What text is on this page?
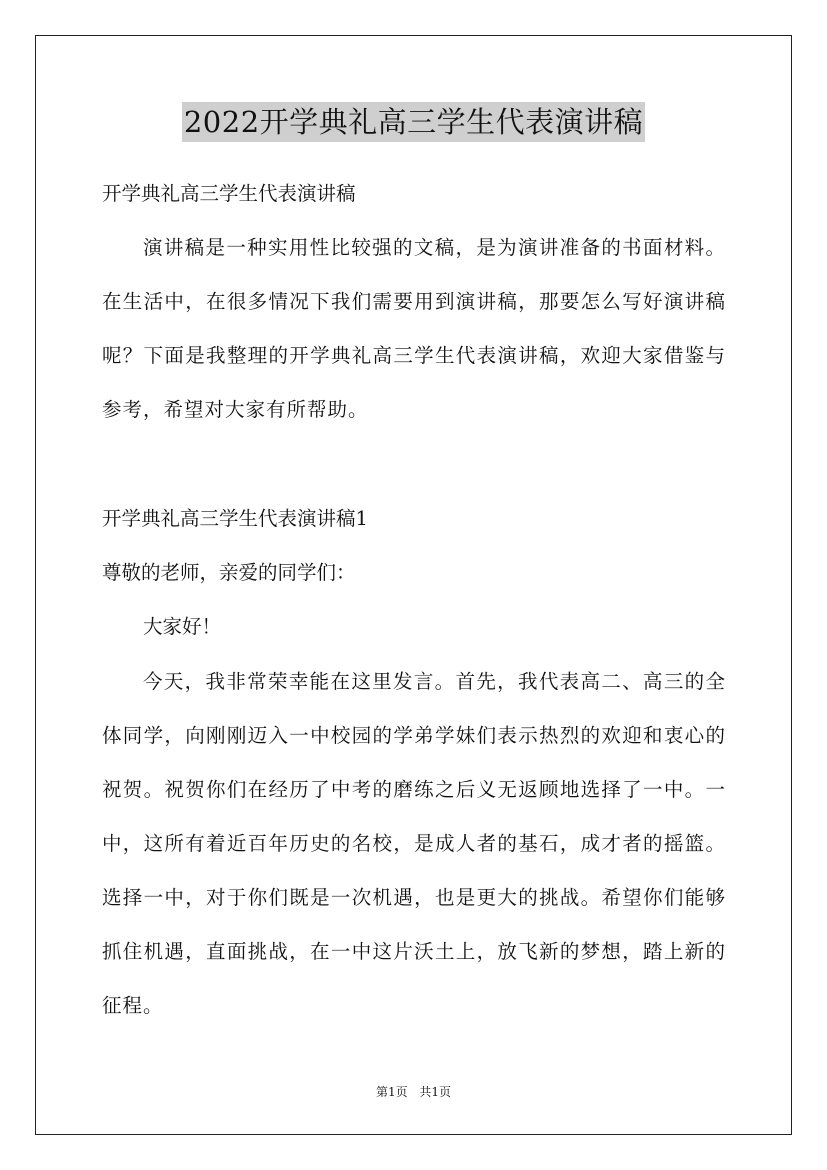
2022开学典礼高三学生代表演讲稿

开学典礼高三学生代表演讲稿

演讲稿是一种实用性比较强的文稿，是为演讲准备的书面材料。在生活中，在很多情况下我们需要用到演讲稿，那要怎么写好演讲稿呢？下面是我整理的开学典礼高三学生代表演讲稿，欢迎大家借鉴与参考，希望对大家有所帮助。

开学典礼高三学生代表演讲稿1

尊敬的老师，亲爱的同学们：

大家好！

今天，我非常荣幸能在这里发言。首先，我代表高二、高三的全体同学，向刚刚迈入一中校园的学弟学妹们表示热烈的欢迎和衷心的祝贺。祝贺你们在经历了中考的磨练之后义无返顾地选择了一中。一中，这所有着近百年历史的名校，是成人者的基石，成才者的摇篮。选择一中，对于你们既是一次机遇，也是更大的挑战。希望你们能够抓住机遇，直面挑战，在一中这片沃土上，放飞新的梦想，踏上新的征程。

第1页 共1页
